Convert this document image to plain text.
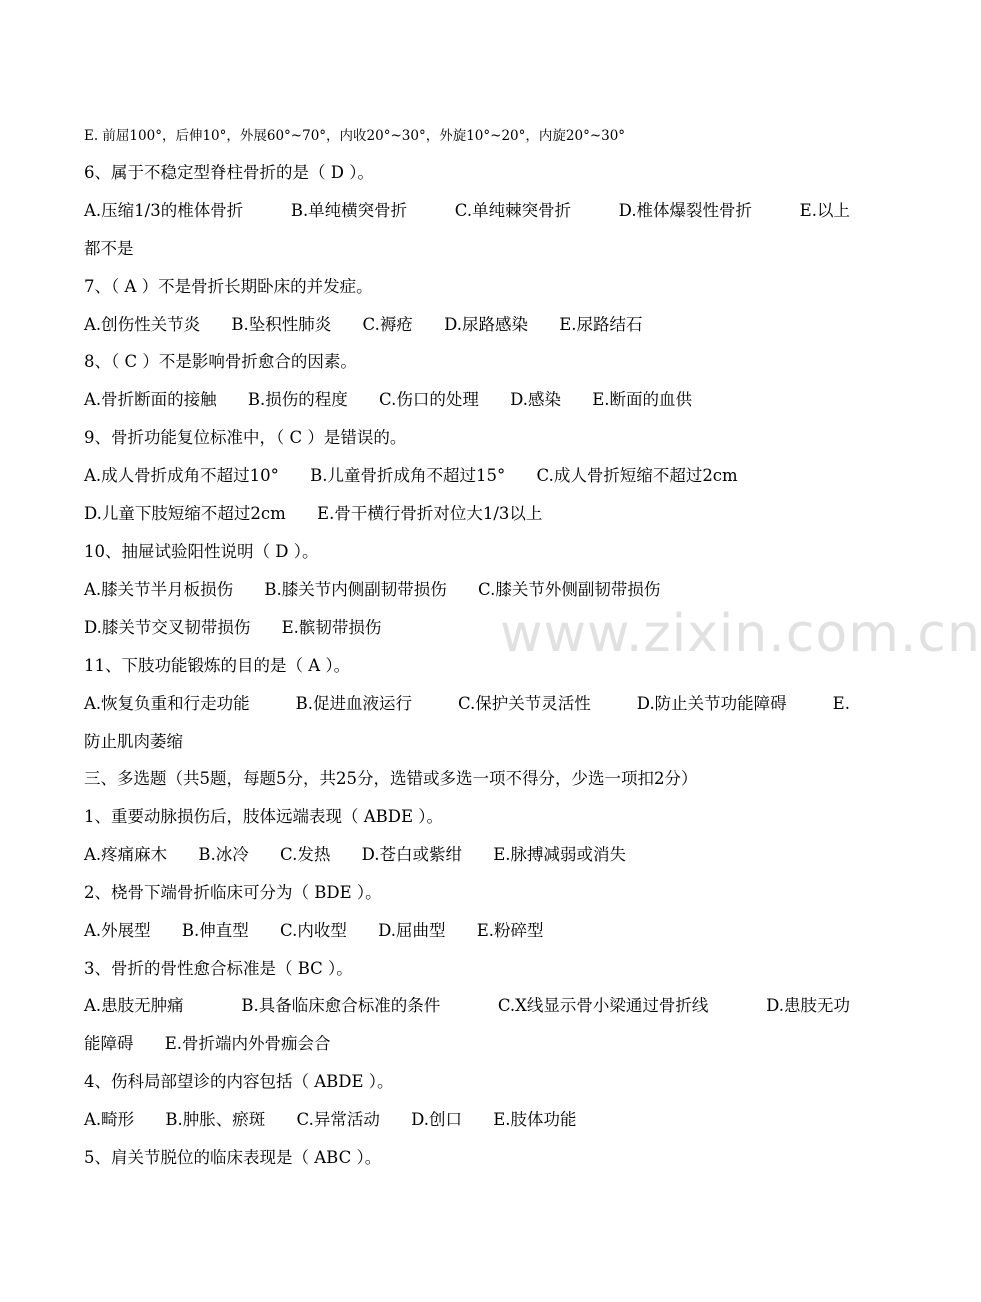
www.zixin.com.cn
E. 前屈100°，后伸10°，外展60°~70°，内收20°~30°，外旋10°~20°，内旋20°~30°
6、属于不稳定型脊柱骨折的是（ D ）。
A.压缩1/3的椎体骨折	B.单纯横突骨折	C.单纯棘突骨折	D.椎体爆裂性骨折	E.以上
都不是
7、（ A ）不是骨折长期卧床的并发症。
A.创伤性关节炎 B.坠积性肺炎 C.褥疮 D.尿路感染 E.尿路结石
8、（ C ）不是影响骨折愈合的因素。
A.骨折断面的接触 B.损伤的程度 C.伤口的处理 D.感染 E.断面的血供
9、骨折功能复位标准中，（ C ）是错误的。
A.成人骨折成角不超过10° B.儿童骨折成角不超过15° C.成人骨折短缩不超过2cm
D.儿童下肢短缩不超过2cm E.骨干横行骨折对位大1/3以上
10、抽屉试验阳性说明（ D ）。
A.膝关节半月板损伤 B.膝关节内侧副韧带损伤 C.膝关节外侧副韧带损伤
D.膝关节交叉韧带损伤 E.髌韧带损伤
11、下肢功能锻炼的目的是（ A ）。
A.恢复负重和行走功能	B.促进血液运行	C.保护关节灵活性	D.防止关节功能障碍	E.
防止肌肉萎缩
三、多选题（共5题，每题5分，共25分，选错或多选一项不得分，少选一项扣2分）
1、重要动脉损伤后，肢体远端表现（ ABDE ）。
A.疼痛麻木 B.冰冷 C.发热 D.苍白或紫绀 E.脉搏减弱或消失
2、桡骨下端骨折临床可分为（ BDE ）。
A.外展型 B.伸直型 C.内收型 D.屈曲型 E.粉碎型
3、骨折的骨性愈合标准是（ BC ）。
A.患肢无肿痛	B.具备临床愈合标准的条件	C.X线显示骨小梁通过骨折线	D.患肢无功
能障碍 E.骨折端内外骨痂会合
4、伤科局部望诊的内容包括（ ABDE ）。
A.畸形 B.肿胀、瘀斑 C.异常活动 D.创口 E.肢体功能
5、肩关节脱位的临床表现是（ ABC ）。
